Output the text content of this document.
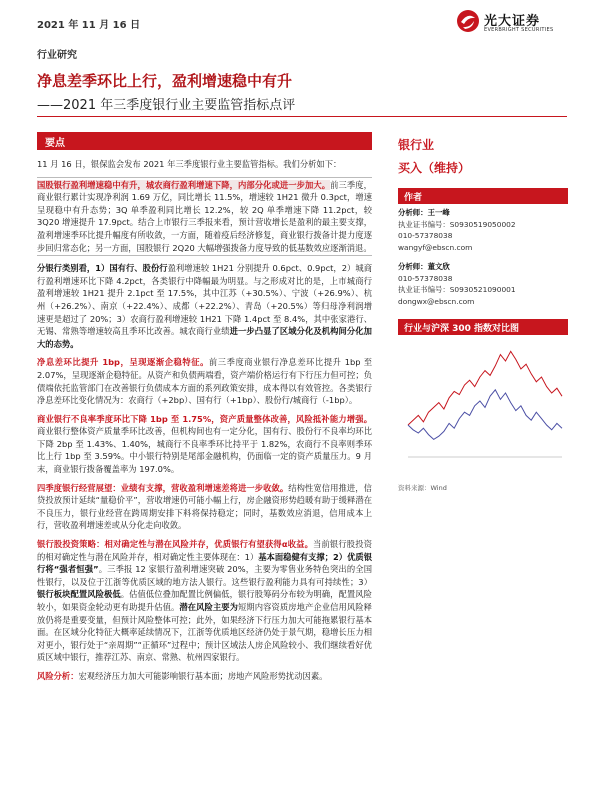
2021 年 11 月 16 日	光大证券
EVERBRIGHT SECURITIES
行业研究
净息差季环比上行，盈利增速稳中有升
——2021 年三季度银行业主要监管指标点评
要点

11 月 16 日，银保监会发布 2021 年三季度银行业主要监管指标。我们分析如下：

国股银行盈利增速稳中有升，城农商行盈利增速下降，内部分化或进一步加大。前三季度，商业银行累计实现净利润 1.69 万亿，同比增长 11.5%，增速较 1H21 微升 0.3pct，增速呈现稳中有升态势；3Q 单季盈利同比增长 12.2%，较 2Q 单季增速下降 11.2pct，较 3Q20 增速提升 17.9pct。结合上市银行三季报来看，预计营收增长是盈利的最主要支撑，盈利增速季环比提升幅度有所收敛，一方面，随着疫后经济修复，商业银行拨备计提力度逐步回归常态化；另一方面，国股银行 2Q20 大幅增强拨备力度导致的低基数效应逐渐消退。

分银行类别看，1）国有行、股份行盈利增速较 1H21 分别提升 0.6pct、0.9pct，2）城商行盈利增速环比下降 4.2pct，各类银行中降幅最为明显。与之形成对比的是，上市城商行盈利增速较 1H21 提升 2.1pct 至 17.5%，其中江苏（+30.5%）、宁波（+26.9%）、杭州（+26.2%）、南京（+22.4%）、成都（+22.2%）、青岛（+20.5%）等归母净利润增速更是超过了 20%；3）农商行盈利增速较 1H21 下降 1.4pct 至 8.4%，其中张家港行、无锡、常熟等增速较高且季环比改善。城农商行业绩进一步凸显了区域分化及机构间分化加大的态势。

净息差环比提升 1bp，呈现逐渐企稳特征。前三季度商业银行净息差环比提升 1bp 至 2.07%，呈现逐渐企稳特征。从资产和负债两端看，资产端价格运行有下行压力但可控；负债端依托监管部门在改善银行负债成本方面的系列政策安排，成本得以有效管控。各类银行净息差环比变化情况为：农商行（+2bp）、国有行（+1bp）、股份行/城商行（-1bp）。

商业银行不良率季度环比下降 1bp 至 1.75%，资产质量整体改善，风险抵补能力增强。商业银行整体资产质量季环比改善，但机构间也有一定分化，国有行、股份行不良率均环比下降 2bp 至 1.43%、1.40%，城商行不良率季环比持平于 1.82%，农商行不良率则季环比上行 1bp 至 3.59%。中小银行特别是尾部金融机构，仍面临一定的资产质量压力。9 月末，商业银行拨备覆盖率为 197.0%。

四季度银行经营展望：业绩有支撑，营收盈利增速差将进一步收敛。结构性宽信用推进，信贷投放预计延续“量稳价平”，营收增速仍可能小幅上行，房企融资形势趋暖有助于缓释潜在不良压力，银行业经营在跨周期安排下料将保持稳定；同时，基数效应消退，信用成本上行，营收盈利增速差或从分化走向收敛。

银行股投资策略：相对确定性与潜在风险并存，优质银行有望获得α收益。当前银行股投资的相对确定性与潜在风险并存，相对确定性主要体现在：1）基本面稳健有支撑；2）优质银行将“强者恒强”。三季报 12 家银行盈利增速突破 20%，主要为零售业务特色突出的全国性银行，以及位于江浙等优质区域的地方法人银行。这些银行盈利能力具有可持续性；3）银行板块配置风险极低。估值低位叠加配置比例偏低，银行股筹码分布较为明确，配置风险较小，如果资金轮动更有助提升估值。潜在风险主要为短期内容资质房地产企业信用风险释放仍将是重要变量，但预计风险整体可控；此外，如果经济下行压力加大可能拖累银行基本面。在区域分化特征大概率延续情况下，江浙等优质地区经济仍处于景气期，稳增长压力相对更小，银行处于“亲周期”“正循环”过程中；预计区域法人房企风险较小、我们继续看好优质区域中银行，推荐江苏、南京、常熟、杭州四家银行。

风险分析：宏观经济压力加大可能影响银行基本面；房地产风险形势扰动因素。

银行业
买入（维持）
作者
分析师：王一峰
执业证书编号：S0930519050002
010-57378038
wangyf@ebscn.com
分析师：董文欣
010-57378038
执业证书编号：S0930521090001
dongwx@ebscn.com
行业与沪深 300 指数对比图
资料来源：Wind
